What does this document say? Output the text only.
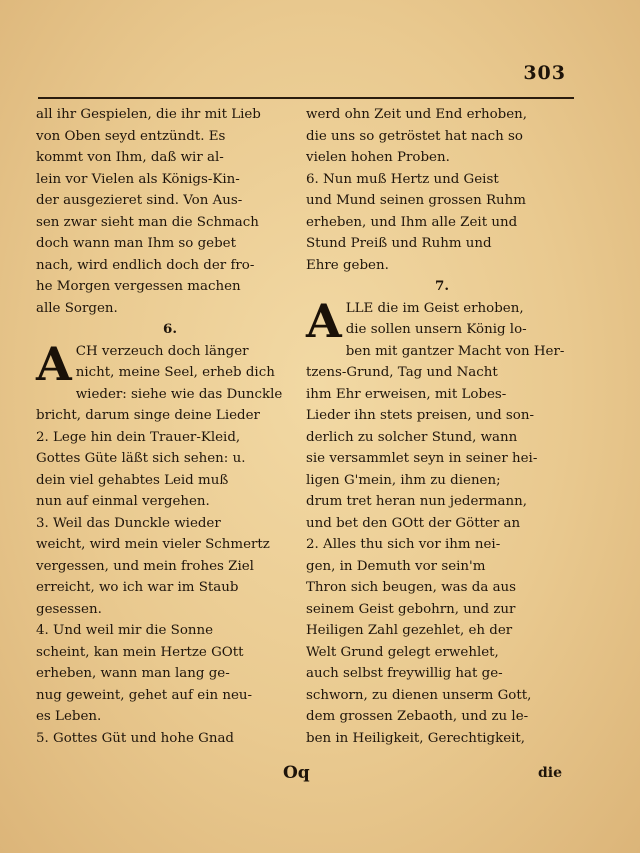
303
all ihr Gespielen, die ihr mit Lieb
von Oben seyd entzündt. Es
kommt von Ihm, daß wir al-
lein vor Vielen als Königs-Kin-
der ausgezieret sind. Von Aus-
sen zwar sieht man die Schmach
doch wann man Ihm so gebet
nach, wird endlich doch der fro-
he Morgen vergessen machen
alle Sorgen.
6.
A CH verzeuch doch länger
nicht, meine Seel, erheb dich
wieder: siehe wie das Dunckle
bricht, darum singe deine Lieder
2. Lege hin dein Trauer-Kleid,
Gottes Güte läßt sich sehen: u.
dein viel gehabtes Leid muß
nun auf einmal vergehen.
3. Weil das Dunckle wieder
weicht, wird mein vieler Schmertz
vergessen, und mein frohes Ziel
erreicht, wo ich war im Staub
gesessen.
4. Und weil mir die Sonne
scheint, kan mein Hertze GOtt
erheben, wann man lang ge-
nug geweint, gehet auf ein neu-
es Leben.
5. Gottes Güt und hohe Gnad
werd ohn Zeit und End erhoben,
die uns so getröstet hat nach so
vielen hohen Proben.
6. Nun muß Hertz und Geist
und Mund seinen grossen Ruhm
erheben, und Ihm alle Zeit und
Stund Preiß und Ruhm und
Ehre geben.
7.
A LLE die im Geist erhoben,
die sollen unsern König lo-
ben mit gantzer Macht von Her-
tzens-Grund, Tag und Nacht
ihm Ehr erweisen, mit Lobes-
Lieder ihn stets preisen, und son-
derlich zu solcher Stund, wann
sie versammlet seyn in seiner hei-
ligen G'mein, ihm zu dienen;
drum tret heran nun jedermann,
und bet den GOtt der Götter an
2. Alles thu sich vor ihm nei-
gen, in Demuth vor sein'm
Thron sich beugen, was da aus
seinem Geist gebohrn, und zur
Heiligen Zahl gezehlet, eh der
Welt Grund gelegt erwehlet,
auch selbst freywillig hat ge-
schworn, zu dienen unserm Gott,
dem grossen Zebaoth, und zu le-
ben in Heiligkeit, Gerechtigkeit,
Oq	die
